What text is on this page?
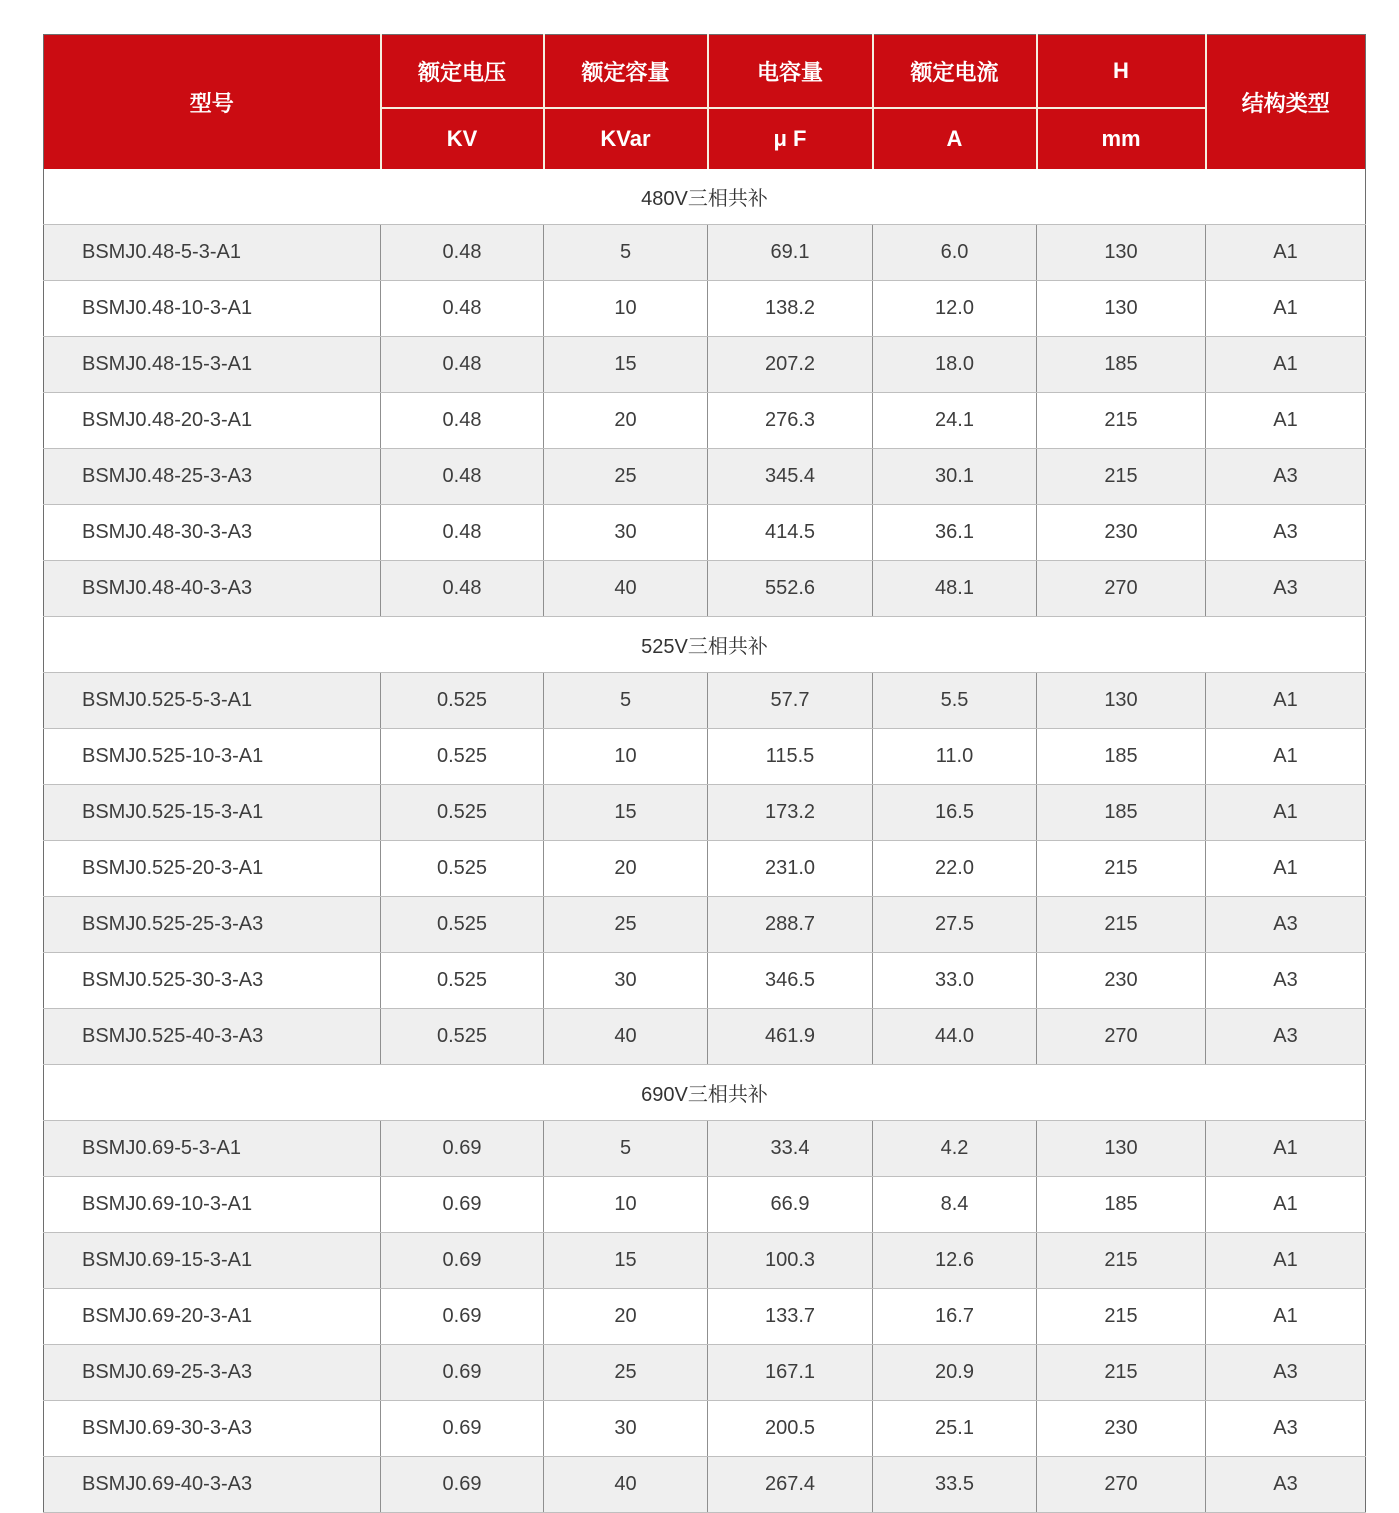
型号	额定电压	额定容量	电容量	额定电流	H	结构类型
	KV	KVar	μ F	A	mm	
480V三相共补						
BSMJ0.48-5-3-A1	0.48	5	69.1	6.0	130	A1
BSMJ0.48-10-3-A1	0.48	10	138.2	12.0	130	A1
BSMJ0.48-15-3-A1	0.48	15	207.2	18.0	185	A1
BSMJ0.48-20-3-A1	0.48	20	276.3	24.1	215	A1
BSMJ0.48-25-3-A3	0.48	25	345.4	30.1	215	A3
BSMJ0.48-30-3-A3	0.48	30	414.5	36.1	230	A3
BSMJ0.48-40-3-A3	0.48	40	552.6	48.1	270	A3
525V三相共补						
BSMJ0.525-5-3-A1	0.525	5	57.7	5.5	130	A1
BSMJ0.525-10-3-A1	0.525	10	115.5	11.0	185	A1
BSMJ0.525-15-3-A1	0.525	15	173.2	16.5	185	A1
BSMJ0.525-20-3-A1	0.525	20	231.0	22.0	215	A1
BSMJ0.525-25-3-A3	0.525	25	288.7	27.5	215	A3
BSMJ0.525-30-3-A3	0.525	30	346.5	33.0	230	A3
BSMJ0.525-40-3-A3	0.525	40	461.9	44.0	270	A3
690V三相共补						
BSMJ0.69-5-3-A1	0.69	5	33.4	4.2	130	A1
BSMJ0.69-10-3-A1	0.69	10	66.9	8.4	185	A1
BSMJ0.69-15-3-A1	0.69	15	100.3	12.6	215	A1
BSMJ0.69-20-3-A1	0.69	20	133.7	16.7	215	A1
BSMJ0.69-25-3-A3	0.69	25	167.1	20.9	215	A3
BSMJ0.69-30-3-A3	0.69	30	200.5	25.1	230	A3
BSMJ0.69-40-3-A3	0.69	40	267.4	33.5	270	A3
